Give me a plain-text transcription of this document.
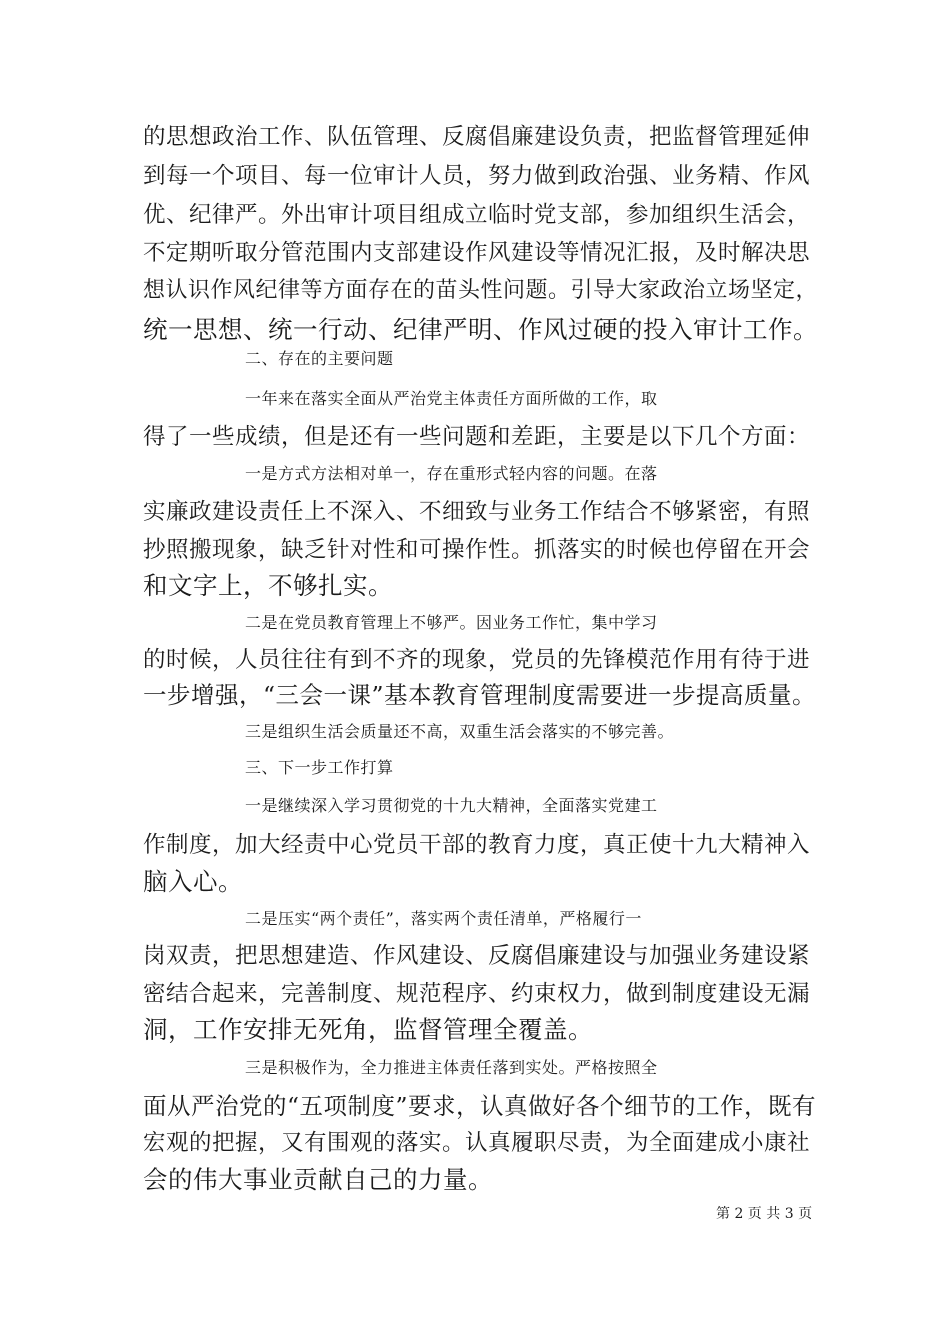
的思想政治工作、队伍管理、反腐倡廉建设负责，把监督管理延伸
到每一个项目、每一位审计人员，努力做到政治强、业务精、作风
优、纪律严。外出审计项目组成立临时党支部，参加组织生活会，
不定期听取分管范围内支部建设作风建设等情况汇报，及时解决思
想认识作风纪律等方面存在的苗头性问题。引导大家政治立场坚定，
统一思想、统一行动、纪律严明、作风过硬的投入审计工作。
二、存在的主要问题
一年来在落实全面从严治党主体责任方面所做的工作，取
得了一些成绩，但是还有一些问题和差距，主要是以下几个方面：
一是方式方法相对单一，存在重形式轻内容的问题。在落
实廉政建设责任上不深入、不细致与业务工作结合不够紧密，有照
抄照搬现象，缺乏针对性和可操作性。抓落实的时候也停留在开会
和文字上，不够扎实。
二是在党员教育管理上不够严。因业务工作忙，集中学习
的时候，人员往往有到不齐的现象，党员的先锋模范作用有待于进
一步增强，“三会一课”基本教育管理制度需要进一步提高质量。
三是组织生活会质量还不高，双重生活会落实的不够完善。
三、下一步工作打算
一是继续深入学习贯彻党的十九大精神，全面落实党建工
作制度，加大经责中心党员干部的教育力度，真正使十九大精神入
脑入心。
二是压实“两个责任”，落实两个责任清单，严格履行一
岗双责，把思想建造、作风建设、反腐倡廉建设与加强业务建设紧
密结合起来，完善制度、规范程序、约束权力，做到制度建设无漏
洞，工作安排无死角，监督管理全覆盖。
三是积极作为，全力推进主体责任落到实处。严格按照全
面从严治党的“五项制度”要求，认真做好各个细节的工作，既有
宏观的把握，又有围观的落实。认真履职尽责，为全面建成小康社
会的伟大事业贡献自己的力量。
第 2 页 共 3 页
